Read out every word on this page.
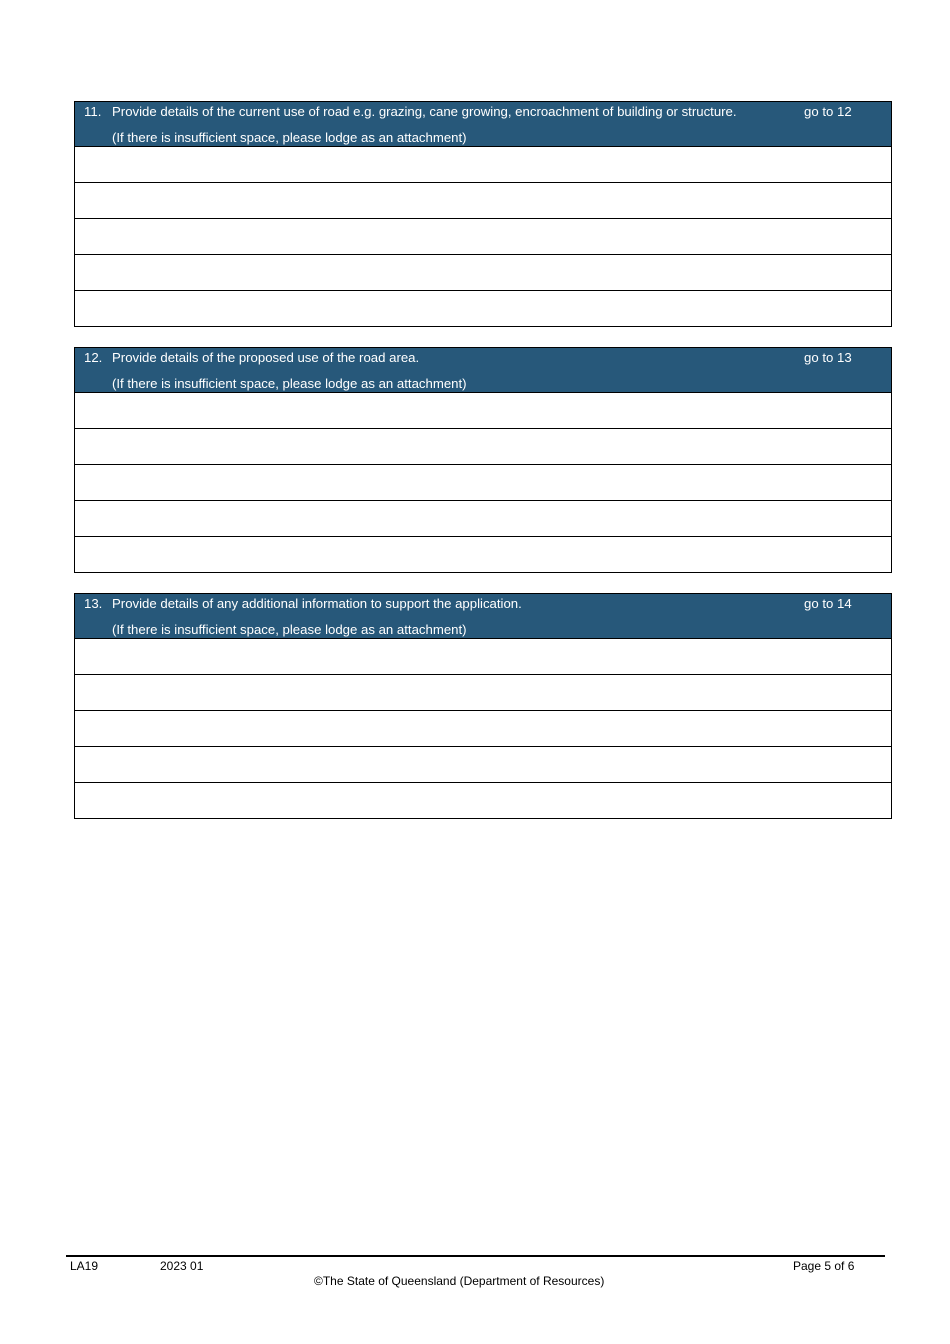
11. Provide details of the current use of road e.g. grazing, cane growing, encroachment of building or structure.
(If there is insufficient space, please lodge as an attachment)
go to 12
12. Provide details of the proposed use of the road area.
(If there is insufficient space, please lodge as an attachment)
go to 13
13. Provide details of any additional information to support the application.
(If there is insufficient space, please lodge as an attachment)
go to 14
LA19	2023 01	Page 5 of 6
©The State of Queensland (Department of Resources)
